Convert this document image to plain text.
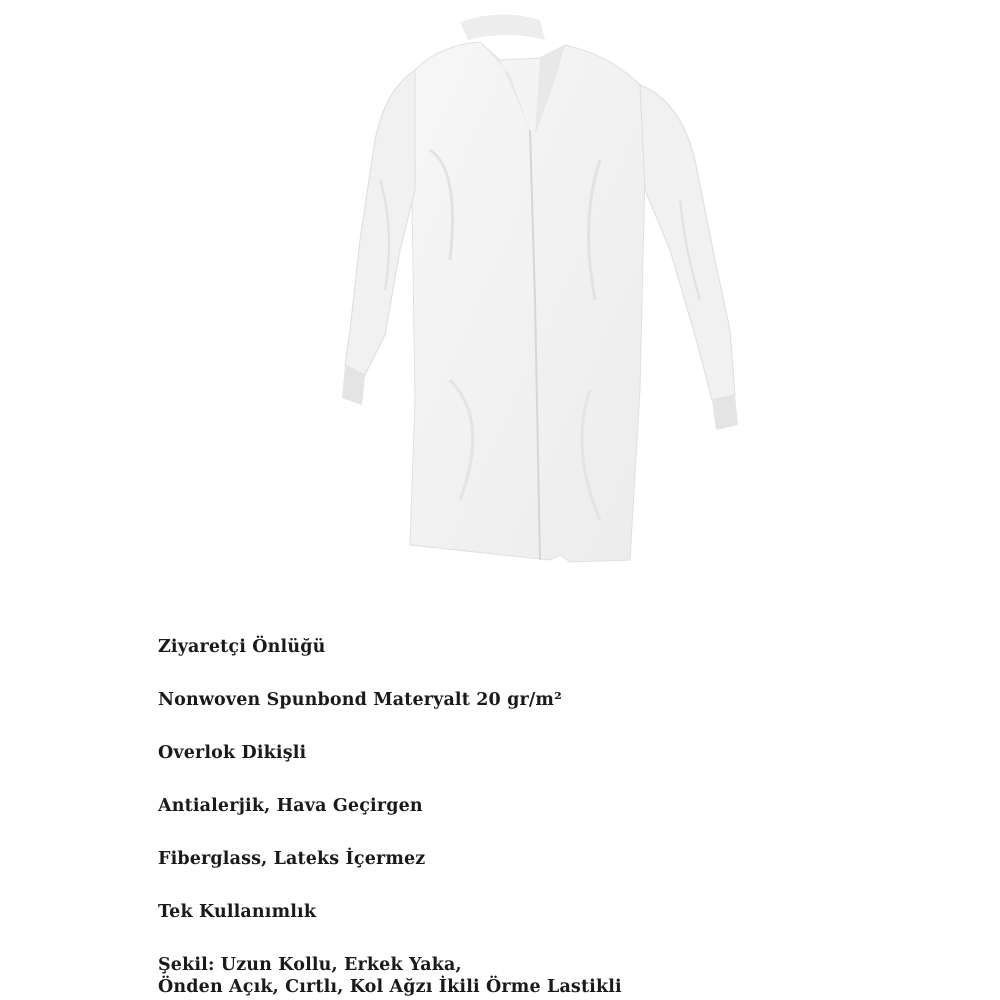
Ziyaretçi Önlüğü
Nonwoven Spunbond Materyalt 20 gr/m²
Overlok Dikişli
Antialerjik, Hava Geçirgen
Fiberglass, Lateks İçermez
Tek Kullanımlık
Şekil: Uzun Kollu, Erkek Yaka,
Önden Açık, Cırtlı, Kol Ağzı İkili Örme Lastikli
